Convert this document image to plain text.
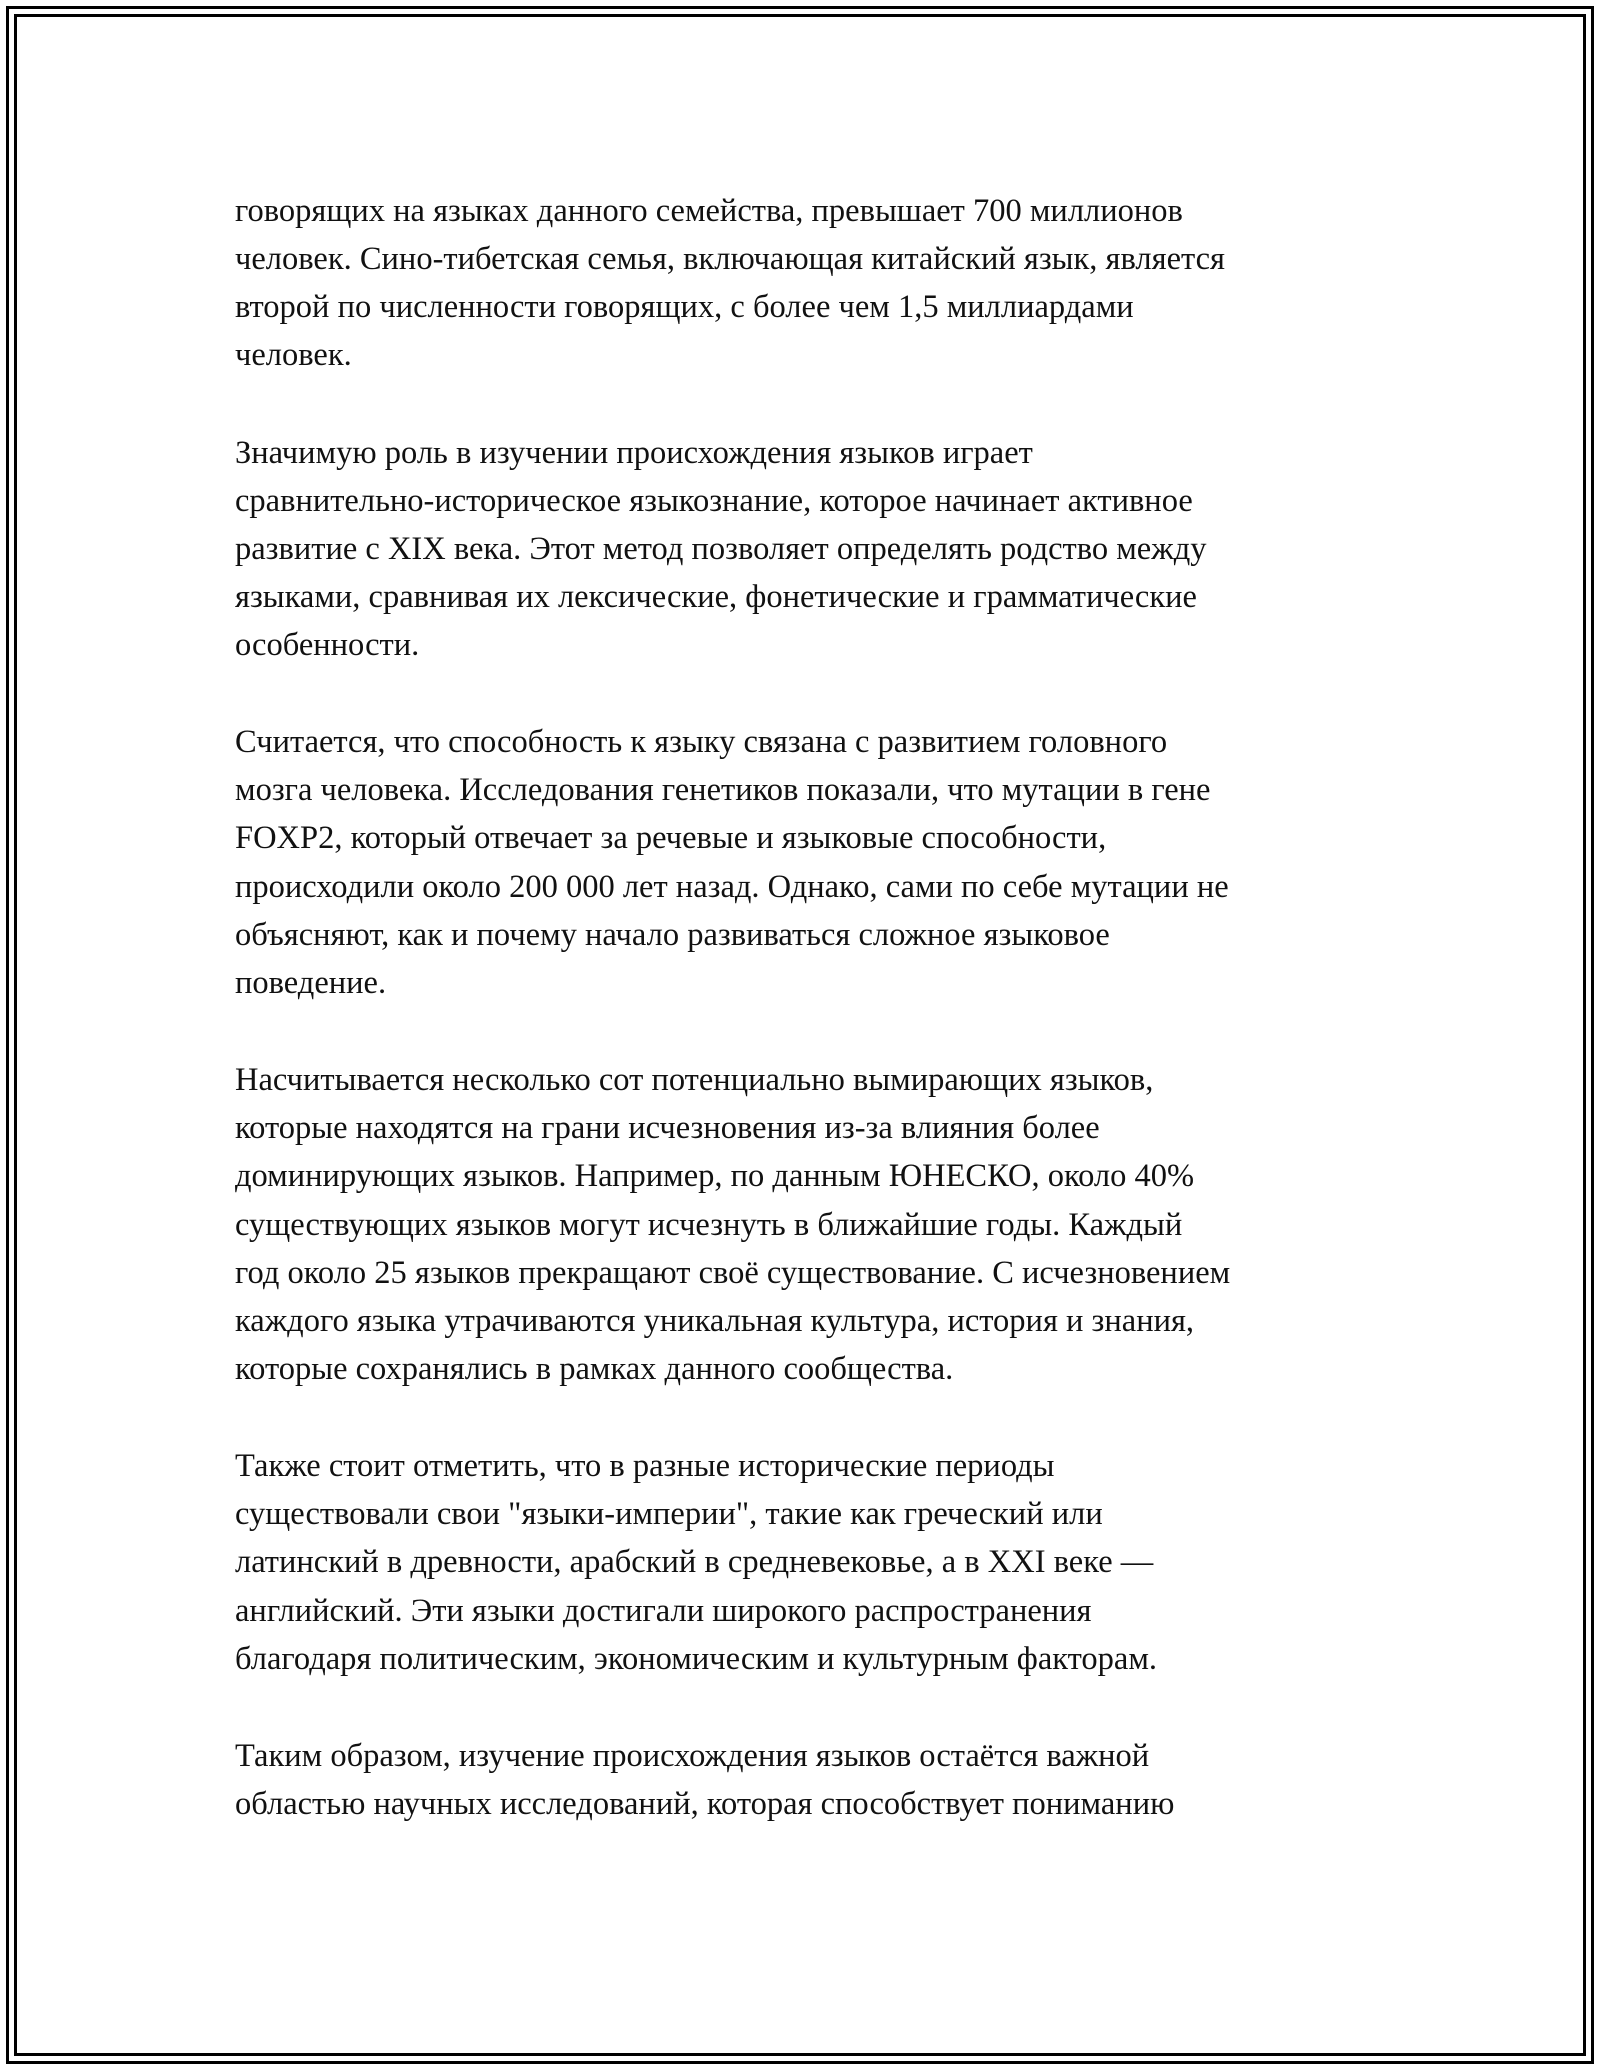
говорящих на языках данного семейства, превышает 700 миллионов
человек. Сино-тибетская семья, включающая китайский язык, является
второй по численности говорящих, с более чем 1,5 миллиардами
человек.
Значимую роль в изучении происхождения языков играет
сравнительно-историческое языкознание, которое начинает активное
развитие с XIX века. Этот метод позволяет определять родство между
языками, сравнивая их лексические, фонетические и грамматические
особенности.
Считается, что способность к языку связана с развитием головного
мозга человека. Исследования генетиков показали, что мутации в гене
FOXP2, который отвечает за речевые и языковые способности,
происходили около 200 000 лет назад. Однако, сами по себе мутации не
объясняют, как и почему начало развиваться сложное языковое
поведение.
Насчитывается несколько сот потенциально вымирающих языков,
которые находятся на грани исчезновения из-за влияния более
доминирующих языков. Например, по данным ЮНЕСКО, около 40%
существующих языков могут исчезнуть в ближайшие годы. Каждый
год около 25 языков прекращают своё существование. С исчезновением
каждого языка утрачиваются уникальная культура, история и знания,
которые сохранялись в рамках данного сообщества.
Также стоит отметить, что в разные исторические периоды
существовали свои "языки-империи", такие как греческий или
латинский в древности, арабский в средневековье, а в XXI веке —
английский. Эти языки достигали широкого распространения
благодаря политическим, экономическим и культурным факторам.
Таким образом, изучение происхождения языков остаётся важной
областью научных исследований, которая способствует пониманию
